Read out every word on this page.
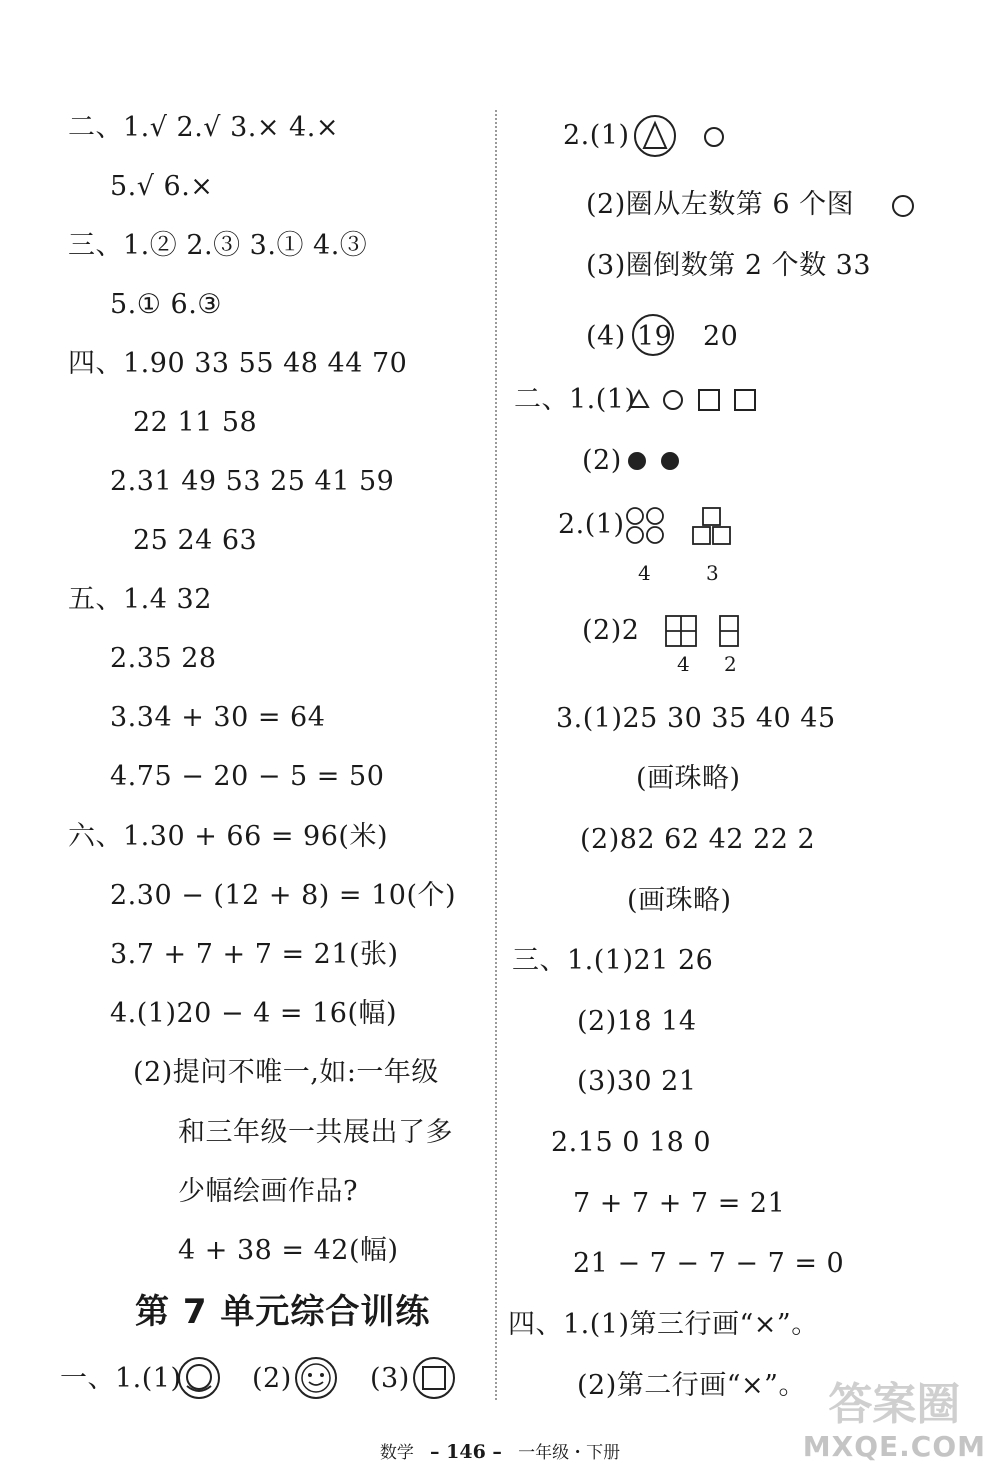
二、1.√ 2.√ 3.× 4.×
5.√ 6.×
三、1.② 2.③ 3.① 4.③
5.① 6.③
四、1.90 33 55 48 44 70
22 11 58
2.31 49 53 25 41 59
25 24 63
五、1.4 32
2.35 28
3.34 + 30 = 64
4.75 − 20 − 5 = 50
六、1.30 + 66 = 96(米)
2.30 − (12 + 8) = 10(个)
3.7 + 7 + 7 = 21(张)
4.(1)20 − 4 = 16(幅)
(2)提问不唯一,如:一年级
和三年级一共展出了多
少幅绘画作品?
4 + 38 = 42(幅)
第 7 单元综合训练
一、1.(1)	(2)	(3)
2.(1)
(2)圈从左数第 6 个图
(3)圈倒数第 2 个数 33
(4) 19 20
二、1.(1)
(2)
2.(1)
4	3
(2)2
4 2
3.(1)25 30 35 40 45
(画珠略)
(2)82 62 42 22 2
(画珠略)
三、1.(1)21 26
(2)18 14
(3)30 21
2.15 0 18 0
7 + 7 + 7 = 21
21 − 7 − 7 − 7 = 0
四、1.(1)第三行画“×”。
(2)第二行画“×”。
数学 – 146 – 一年级・下册
答案圈
MXQE.COM
